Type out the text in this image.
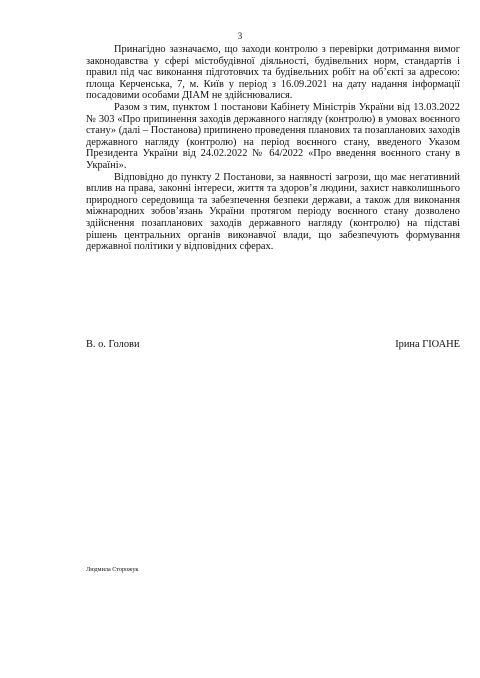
3

Принагідно зазначаємо, що заходи контролю з перевірки дотримання вимог законодавства у сфері містобудівної діяльності, будівельних норм, стандартів і правил під час виконання підготовчих та будівельних робіт на об’єкті за адресою: площа Керченська, 7, м. Київ у період з 16.09.2021 на дату надання інформації посадовими особами ДІАМ не здійснювалися.

Разом з тим, пунктом 1 постанови Кабінету Міністрів України від 13.03.2022 № 303 «Про припинення заходів державного нагляду (контролю) в умовах воєнного стану» (далі – Постанова) припинено проведення планових та позапланових заходів державного нагляду (контролю) на період воєнного стану, введеного Указом Президента України від 24.02.2022 № 64/2022 «Про введення воєнного стану в Україні».

Відповідно до пункту 2 Постанови, за наявності загрози, що має негативний вплив на права, законні інтереси, життя та здоров’я людини, захист навколишнього природного середовища та забезпечення безпеки держави, а також для виконання міжнародних зобов’язань України протягом періоду воєнного стану дозволено здійснення позапланових заходів державного нагляду (контролю) на підставі рішень центральних органів виконавчої влади, що забезпечують формування державної політики у відповідних сферах.

В. о. Голови	Ірина ГІОАНЕ
Людмила Сторожук
